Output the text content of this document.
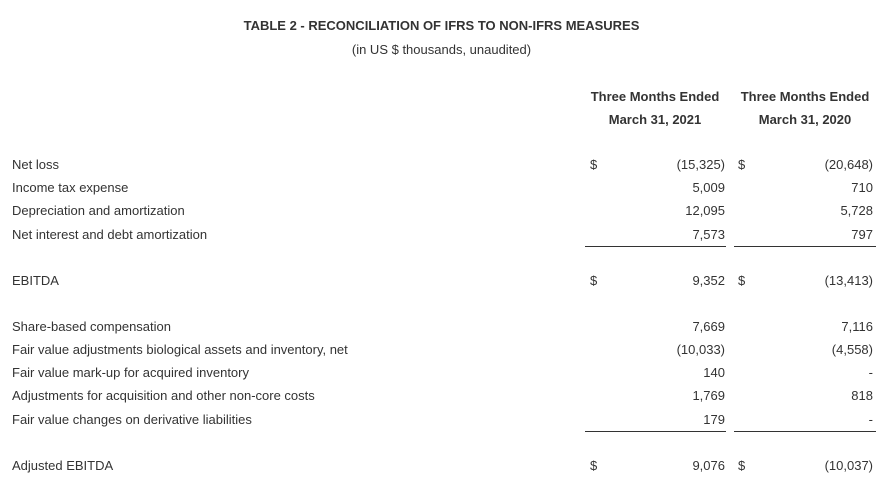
TABLE 2 - RECONCILIATION OF IFRS TO NON-IFRS MEASURES
(in US $ thousands, unaudited)
Three Months Ended
March 31, 2021
Three Months Ended
March 31, 2020
Net loss	$	(15,325) $	(20,648)
Income tax expense	5,009	710
Depreciation and amortization	12,095	5,728
Net interest and debt amortization	7,573	797
EBITDA	$	9,352 $	(13,413)
Share-based compensation	7,669	7,116
Fair value adjustments biological assets and inventory, net	(10,033)	(4,558)
Fair value mark-up for acquired inventory	140	-
Adjustments for acquisition and other non-core costs	1,769	818
Fair value changes on derivative liabilities	179	-
Adjusted EBITDA	$	9,076 $	(10,037)
